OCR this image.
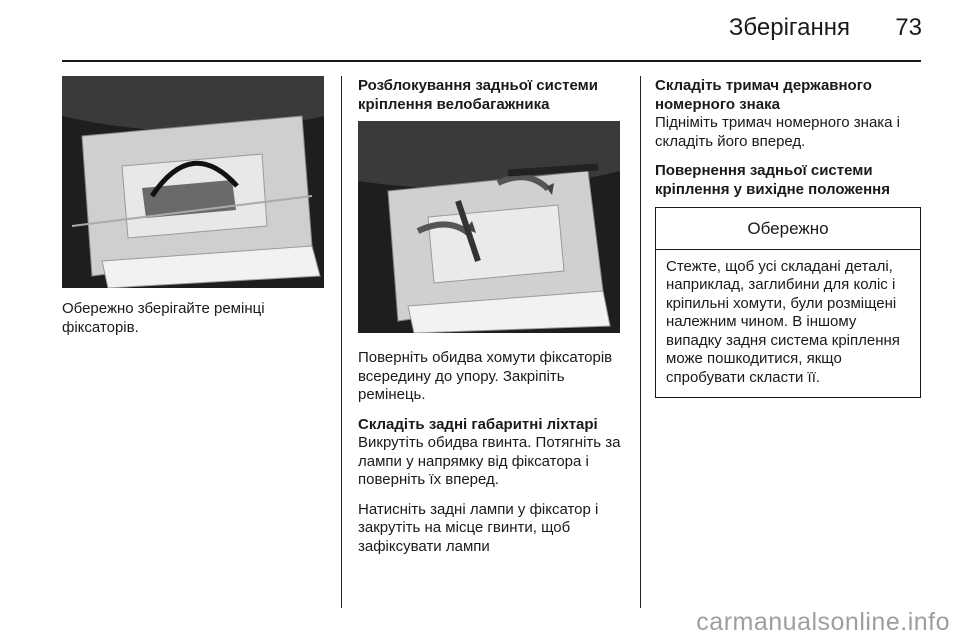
Зберігання	73

Обережно зберігайте ремінці фіксаторів.

Розблокування задньої системи кріплення велобагажника

Поверніть обидва хомути фіксаторів всередину до упору. Закріпіть ремінець.

Складіть задні габаритні ліхтарі

Викрутіть обидва гвинта. Потягніть за лампи у напрямку від фіксатора і поверніть їх вперед.

Натисніть задні лампи у фіксатор і закрутіть на місце гвинти, щоб зафіксувати лампи

Складіть тримач державного номерного знака

Підніміть тримач номерного знака і складіть його вперед.

Повернення задньої системи кріплення у вихідне положення
Обережно
Стежте, щоб усі складані деталі, наприклад, заглибини для коліс і кріпильні хомути, були розміщені належним чином. В іншому випадку задня система кріплення може пошкодитися, якщо спробувати скласти її.
carmanualsonline.info
